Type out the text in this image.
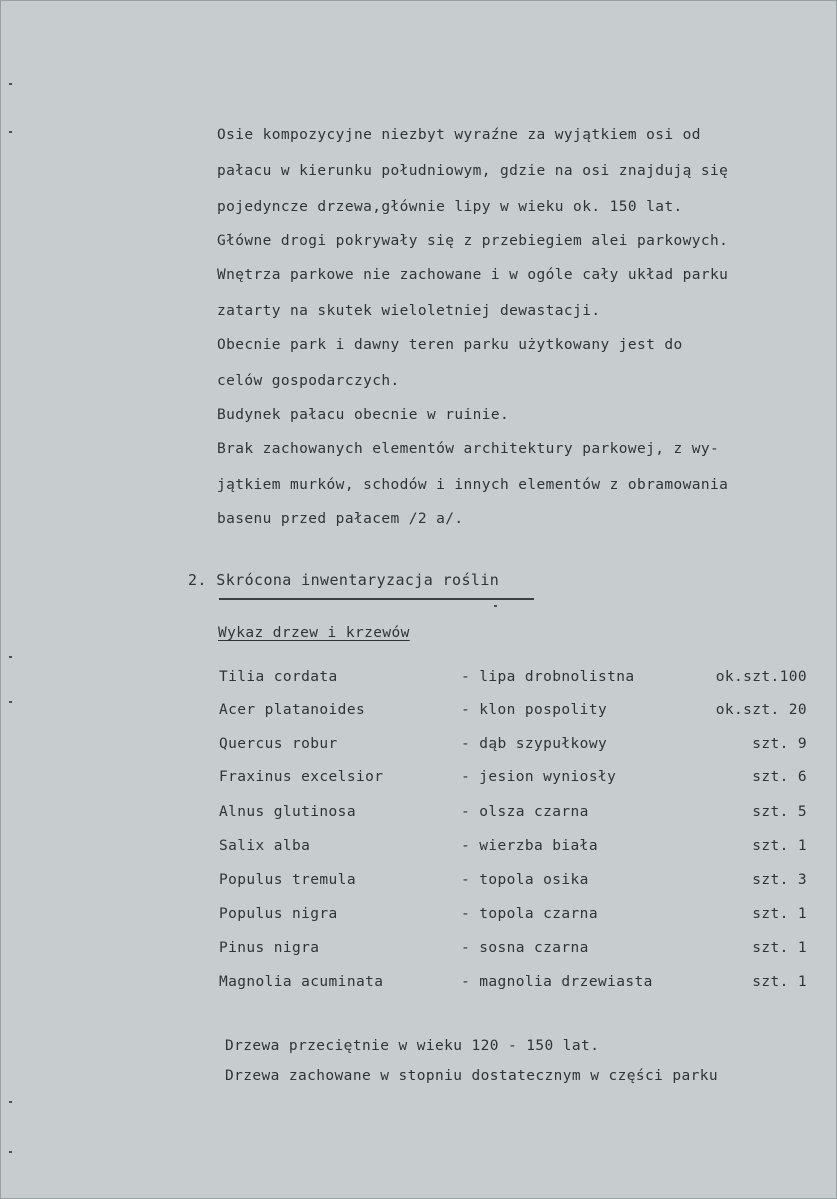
Osie kompozycyjne niezbyt wyraźne za wyjątkiem osi od
pałacu w kierunku południowym, gdzie na osi znajdują się
pojedyncze drzewa,głównie lipy w wieku ok. 150 lat.
Główne drogi pokrywały się z przebiegiem alei parkowych.
Wnętrza parkowe nie zachowane i w ogóle cały układ parku
zatarty na skutek wieloletniej dewastacji.
Obecnie park i dawny teren parku użytkowany jest do
celów gospodarczych.
Budynek pałacu obecnie w ruinie.
Brak zachowanych elementów architektury parkowej, z wy-
jątkiem murków, schodów i innych elementów z obramowania
basenu przed pałacem /2 a/.
2. Skrócona inwentaryzacja roślin
Wykaz drzew i krzewów
Tilia cordata	- lipa drobnolistna	ok.szt.100
Acer platanoides	- klon pospolity	ok.szt. 20
Quercus robur	- dąb szypułkowy	szt. 9
Fraxinus excelsior	- jesion wyniosły	szt. 6
Alnus glutinosa	- olsza czarna	szt. 5
Salix alba	- wierzba biała	szt. 1
Populus tremula	- topola osika	szt. 3
Populus nigra	- topola czarna	szt. 1
Pinus nigra	- sosna czarna	szt. 1
Magnolia acuminata	- magnolia drzewiasta	szt. 1
Drzewa przeciętnie w wieku 120 - 150 lat.
Drzewa zachowane w stopniu dostatecznym w części parku
